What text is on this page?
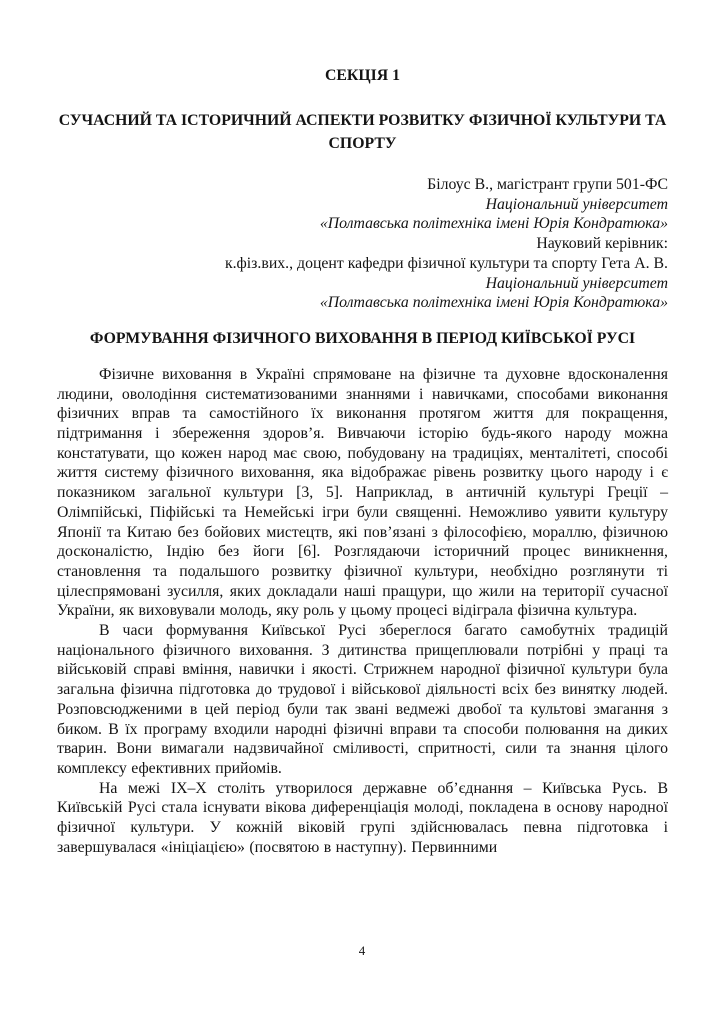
СЕКЦІЯ 1
СУЧАСНИЙ ТА ІСТОРИЧНИЙ АСПЕКТИ РОЗВИТКУ ФІЗИЧНОЇ КУЛЬТУРИ ТА СПОРТУ
Білоус В., магістрант групи 501-ФС
Національний університет
«Полтавська політехніка імені Юрія Кондратюка»
Науковий керівник:
к.фіз.вих., доцент кафедри фізичної культури та спорту Гета А. В.
Національний університет
«Полтавська політехніка імені Юрія Кондратюка»
ФОРМУВАННЯ ФІЗИЧНОГО ВИХОВАННЯ В ПЕРІОД КИЇВСЬКОЇ РУСІ

Фізичне виховання в Україні спрямоване на фізичне та духовне вдосконалення людини, оволодіння систематизованими знаннями і навичками, способами виконання фізичних вправ та самостійного їх виконання протягом життя для покращення, підтримання і збереження здоров’я. Вивчаючи історію будь-якого народу можна констатувати, що кожен народ має свою, побудовану на традиціях, менталітеті, способі життя систему фізичного виховання, яка відображає рівень розвитку цього народу і є показником загальної культури [3, 5]. Наприклад, в античній культурі Греції – Олімпійські, Піфійські та Немейські ігри були священні. Неможливо уявити культуру Японії та Китаю без бойових мистецтв, які пов’язані з філософією, мораллю, фізичною досконалістю, Індію без йоги [6]. Розглядаючи історичний процес виникнення, становлення та подальшого розвитку фізичної культури, необхідно розглянути ті цілеспрямовані зусилля, яких докладали наші пращури, що жили на території сучасної України, як виховували молодь, яку роль у цьому процесі відіграла фізична культура.

В часи формування Київської Русі збереглося багато самобутніх традицій національного фізичного виховання. З дитинства прищеплювали потрібні у праці та військовій справі вміння, навички і якості. Стрижнем народної фізичної культури була загальна фізична підготовка до трудової і військової діяльності всіх без винятку людей. Розповсюдженими в цей період були так звані ведмежі двобої та культові змагання з биком. В їх програму входили народні фізичні вправи та способи полювання на диких тварин. Вони вимагали надзвичайної сміливості, спритності, сили та знання цілого комплексу ефективних прийомів.

На межі IX–X століть утворилося державне об’єднання – Київська Русь. В Київській Русі стала існувати вікова диференціація молоді, покладена в основу народної фізичної культури. У кожній віковій групі здійснювалась певна підготовка і завершувалася «ініціацією» (посвятою в наступну). Первинними

4
